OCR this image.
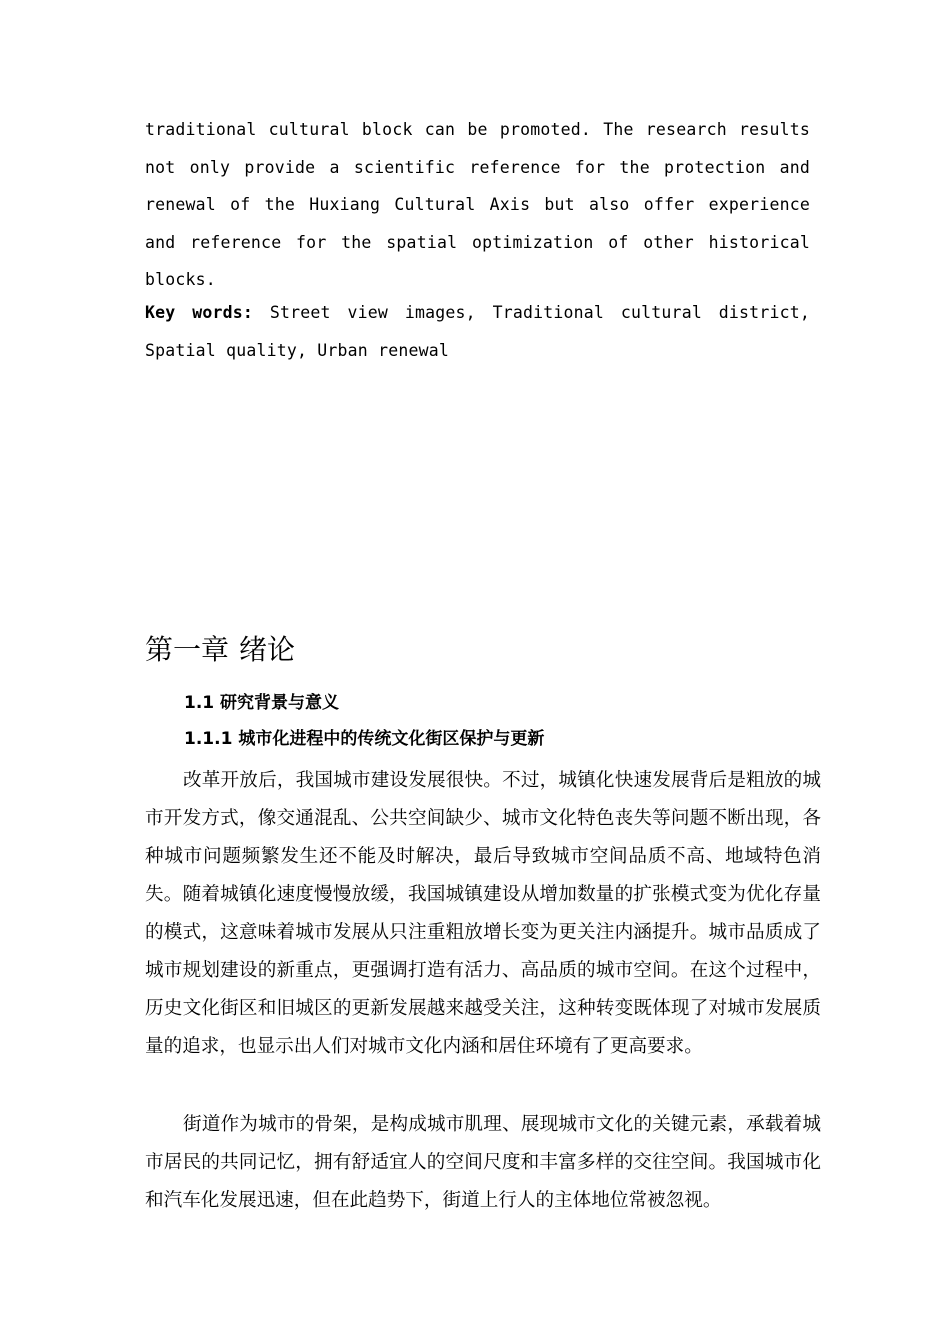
traditional cultural block can be promoted. The research results not only provide a scientific reference for the protection and renewal of the Huxiang Cultural Axis but also offer experience and reference for the spatial optimization of other historical blocks.

Key words: Street view images, Traditional cultural district, Spatial quality, Urban renewal

第一章 绪论
1.1 研究背景与意义
1.1.1 城市化进程中的传统文化街区保护与更新

改革开放后，我国城市建设发展很快。不过，城镇化快速发展背后是粗放的城市开发方式，像交通混乱、公共空间缺少、城市文化特色丧失等问题不断出现，各种城市问题频繁发生还不能及时解决，最后导致城市空间品质不高、地域特色消失。随着城镇化速度慢慢放缓，我国城镇建设从增加数量的扩张模式变为优化存量的模式，这意味着城市发展从只注重粗放增长变为更关注内涵提升。城市品质成了城市规划建设的新重点，更强调打造有活力、高品质的城市空间。在这个过程中，历史文化街区和旧城区的更新发展越来越受关注，这种转变既体现了对城市发展质量的追求，也显示出人们对城市文化内涵和居住环境有了更高要求。

街道作为城市的骨架，是构成城市肌理、展现城市文化的关键元素，承载着城市居民的共同记忆，拥有舒适宜人的空间尺度和丰富多样的交往空间。我国城市化和汽车化发展迅速，但在此趋势下，街道上行人的主体地位常被忽视。
